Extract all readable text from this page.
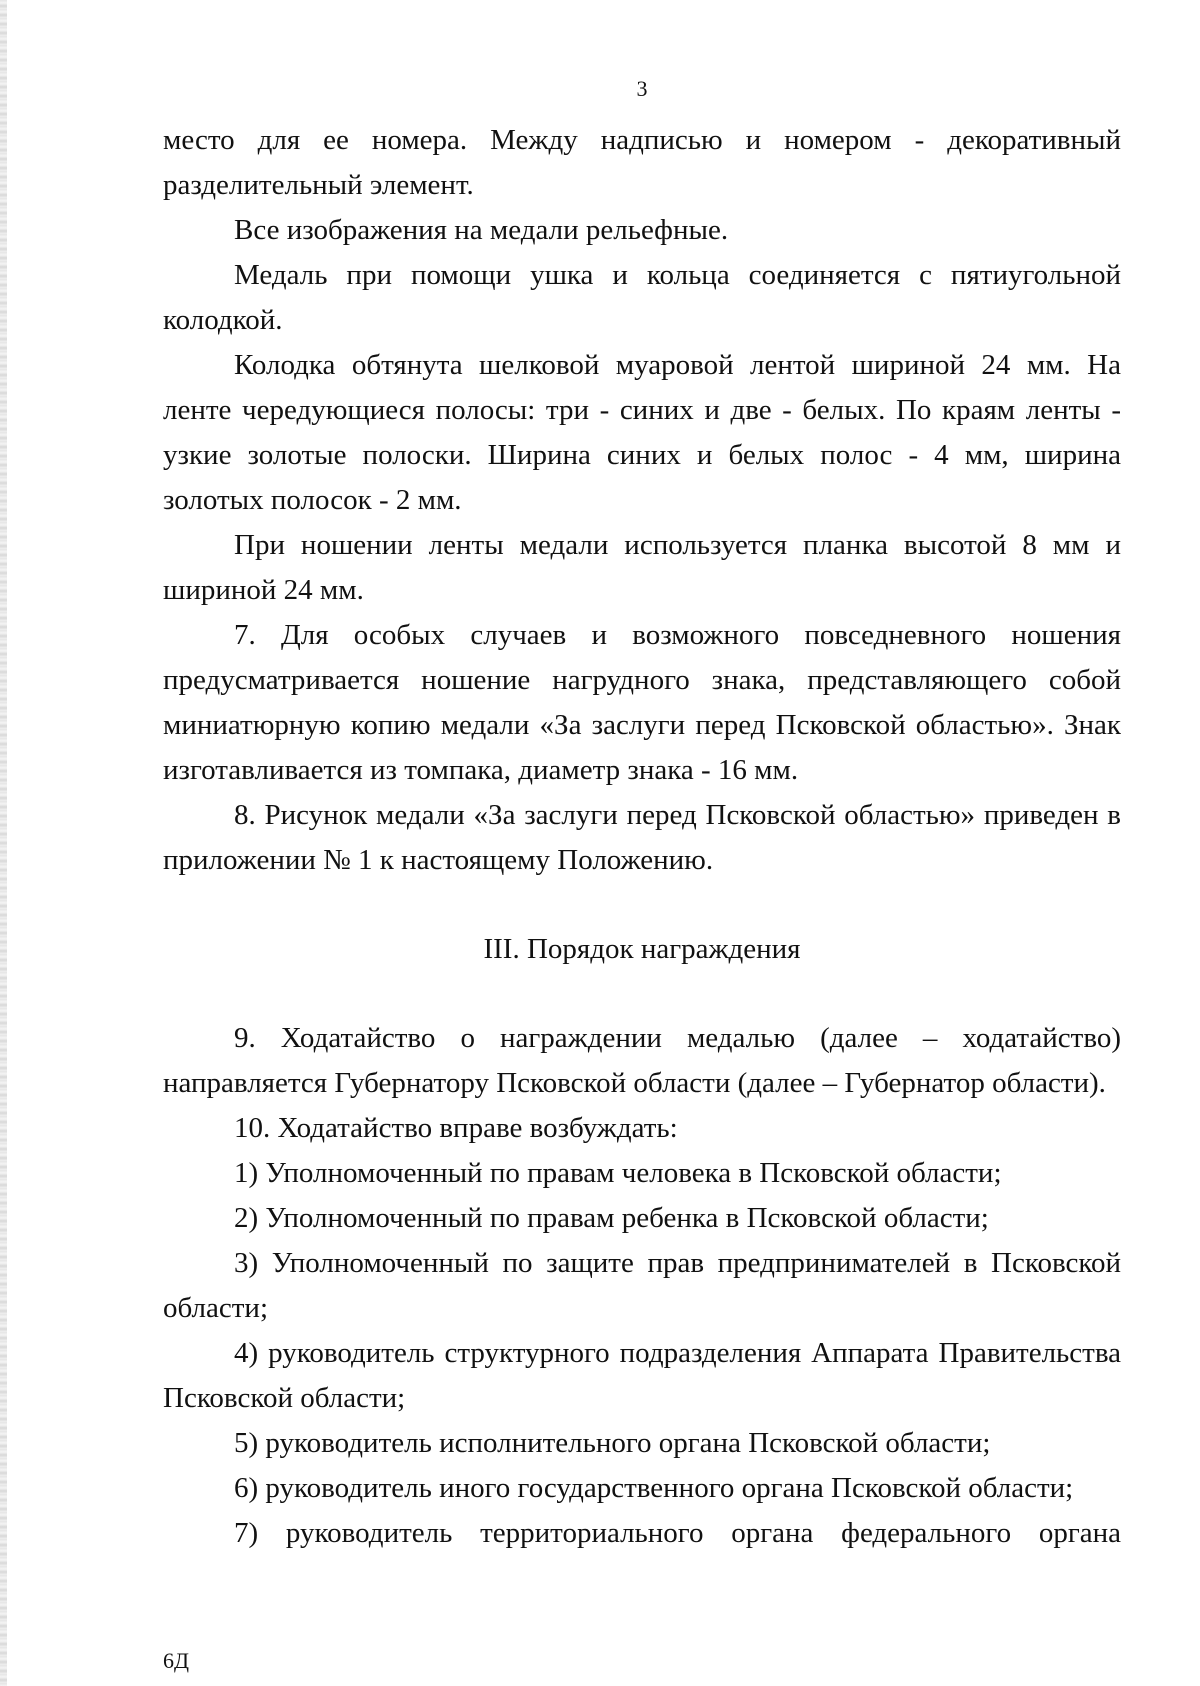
3

место для ее номера. Между надписью и номером - декоративный разделительный элемент.

Все изображения на медали рельефные.

Медаль при помощи ушка и кольца соединяется с пятиугольной колодкой.

Колодка обтянута шелковой муаровой лентой шириной 24 мм. На ленте чередующиеся полосы: три - синих и две - белых. По краям ленты - узкие золотые полоски. Ширина синих и белых полос - 4 мм, ширина золотых полосок - 2 мм.

При ношении ленты медали используется планка высотой 8 мм и шириной 24 мм.

7. Для особых случаев и возможного повседневного ношения предусматривается ношение нагрудного знака, представляющего собой миниатюрную копию медали «За заслуги перед Псковской областью». Знак изготавливается из томпака, диаметр знака - 16 мм.

8. Рисунок медали «За заслуги перед Псковской областью» приведен в приложении № 1 к настоящему Положению.

III. Порядок награждения

9. Ходатайство о награждении медалью (далее – ходатайство) направляется Губернатору Псковской области (далее – Губернатор области).

10. Ходатайство вправе возбуждать:

1) Уполномоченный по правам человека в Псковской области;

2) Уполномоченный по правам ребенка в Псковской области;

3) Уполномоченный по защите прав предпринимателей в Псковской области;

4) руководитель структурного подразделения Аппарата Правительства Псковской области;

5) руководитель исполнительного органа Псковской области;

6) руководитель иного государственного органа Псковской области;

7) руководитель территориального органа федерального органа

6Д
